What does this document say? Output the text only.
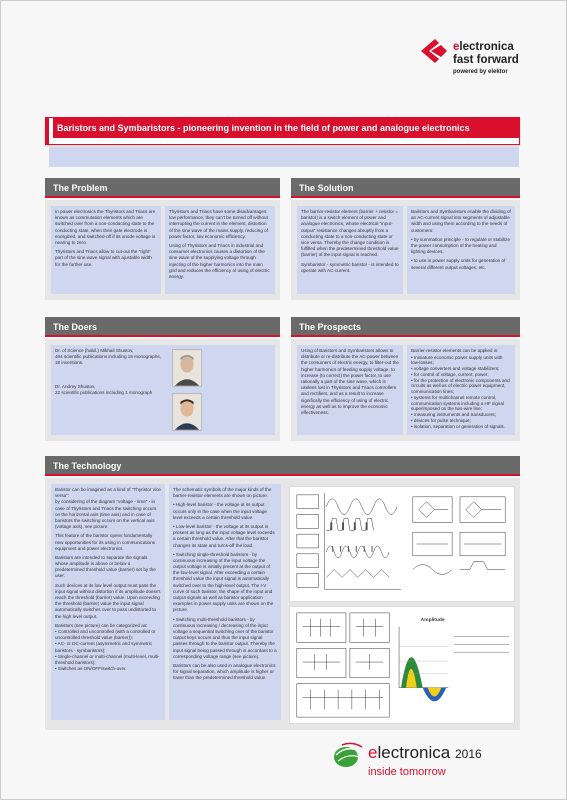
electronica
fast forward
powered by elektor
Baristors and Symbaristors - pioneering invention in the field of power and analogue electronics
The Problem

In power electronics the Thyristors and Triacs are known as commutation elements which are switched over from a non-conducting state to the conducting state, when their gate electrode is energized, and switched-off if its anode voltage is nearing to zero.

Thyristors and Triacs allow to cut-out the "right" part of the sine wave signal with ajustable width for the further use.

Thyristors and Triacs have some disadvantages: low performance, they can't be turned off without interrupting the current in the element, distortion of the sine wave of the mains supply, reducing of power factor, low economic efficiency.

Using of Thyristors and Triacs in industrial and consumer electronics causes a distortion of the sine wave of the supplying voltage through injecting of the higher harmonics into the main grid and reduces the efficiency of using of electric energy.

The Solution

The barrier-resistor element (barrier + resistor = baristor) is a switch element of power and analogue electronics, whose electrical "input-output" resistance changes abruptly from a conducting state to a non-conducting state or vice versa. Thereby the change condition is fulfilled when the predetermined threshold value (barrier) of the input signal is reached.

Symbaristor - symmetric baristor - is intended to operate with AC-current.

Baristors and Symbaristors enable the dividing of an AC-current signal into segments of adjustable width and using them according to the needs of customers:

• by summation principle - to regulate or stabilize the power consumption of the heating and lighting devices,

• to use in power supply units for generation of several different output voltages, etc.

The Doers

Dr. of Science (habil.) Mikhail Shustov,

494 scientific publications including 15 monographs, 18 inventions.

Dr. Andrey Shustov,

22 scientific publications including 1 monograph

The Prospects

Using of Baristors and Symbaristors allows to distribute or re-distribute the AC-power between the consumers of electric energy, to filter-out the higher harmonics of feeding supply voltage, to increase (to correct) the power factor, to use rationally a part of the sine wave, which is useless lost in Thyristors and Triacs controllers and rectifiers, and as a result to increase significally the efficiency of using of electric energy as well as to improve the economic effectiveness.

Barrier-resistor elements can be applied in:

• miniature economic power supply units with low-losses;

• voltage converters and voltage stabilizers;

• for control of voltage, current, power;

• for the protection of electronic components and circuits as well as of electric power equipment, communication lines;

• systems for multichannel remote control, communication systems including a HF signal superimposed on the two-wire line;

• measuring instruments and transducers;

• devices for pulse technique;

• isolation, separation or generation of signals.

The Technology

Baristor can be imagined as a kind of "Thyristor vice versa":

by considering of the diagram "voltage - time" - in case of Thyristors and Triacs the switching occurs on the horizontal axis (time axis) and in case of baristors the switching occurs on the vertical axis (voltage axis), see picture.

This feature of the baristor opens fundamentally new opportunities for its using in communications equipment and power electronics.

Baristors are intended to separate the signals whose amplitude is above or below a predetermined threshold value (barrier) set by the user.

Such devices at its low level output must pass the input signal without distortion if its amplitude doesn't reach the threshold (barrier) value. Upon exceeding the threshold (barrier) value the input signal automatically switches over to pass undistorted to the high level output.

Baristors (see picture) can be categorized as:

• Controlled and uncontrolled (with a controlled or uncontrolled threshold value (barrier));

• AC- or DC-current (asymmetric and symmetric baristors - symbaristors);

• Single-channel or multi-channel (multi-level, multi-threshold baristors);

• Switches as ON/OFF/switch-over.

The schematic symbols of the major kinds of the barrier-resistor elements are shown on picture.

• High-level baristor - the voltage at its output occurs only in the case when the input voltage level exceeds a certain threshold value.

• Low-level baristor - the voltage at its output is present as long as the input voltage level exceeds a certain threshold value. After that the baristor changes its state and turns-off the load.

• Switching single-threshold baristors - by continuous increasing of the input voltage the output voltage is initially present at the output of the low-level signal. After exceeding a certain threshold value the input signal is automatically switched over to the high-level output. The I-V curve of such baristor, the shape of the input and output signals as well as baristor application examples in power supply units are shown on the picture.

• Switching multi-threshold baristors - by continuous increasing / decreasing of the input voltage a sequential switching over of the baristor output keys occurs and thus the input signal passes through to the baristor output. Thereby the input signal being passed through is accordant to a corresponding voltage range (see picture).

Baristors can be also used in analogue electronics for signal separation, which amplitude is higher or lower than the predetermined threshold value.

Amplitude
electronica 2016
inside tomorrow
